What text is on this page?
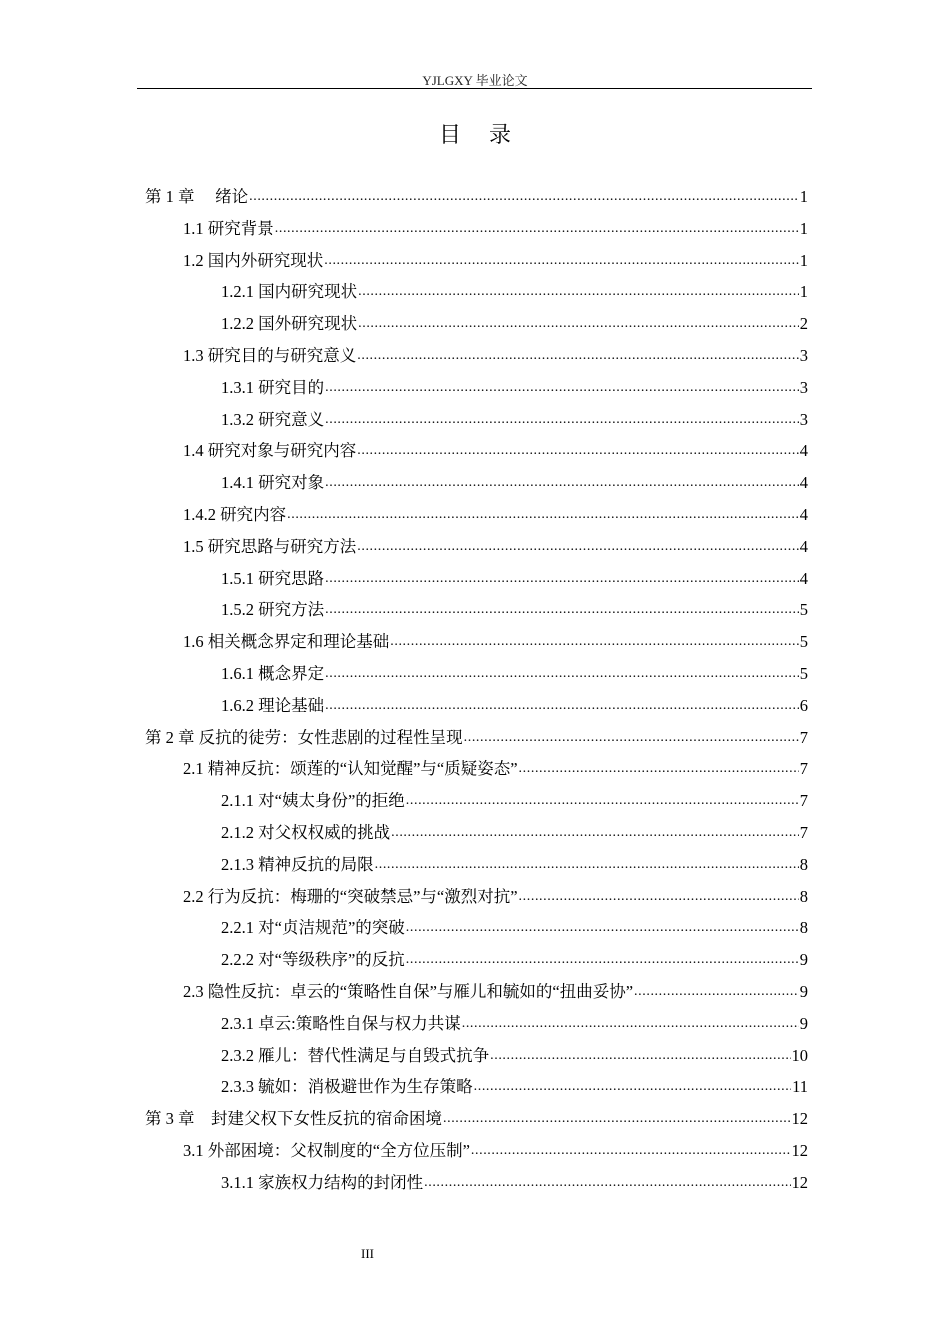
YJLGXY 毕业论文
目录
第 1 章　 绪论 .....	1
1.1 研究背景 .....	1
1.2 国内外研究现状 .....	1
1.2.1 国内研究现状 .....	1
1.2.2 国外研究现状 .....	2
1.3 研究目的与研究意义 .....	3
1.3.1 研究目的 .....	3
1.3.2 研究意义 .....	3
1.4 研究对象与研究内容 .....	4
1.4.1 研究对象 .....	4
1.4.2 研究内容 .....	4
1.5 研究思路与研究方法 .....	4
1.5.1 研究思路 .....	4
1.5.2 研究方法 .....	5
1.6 相关概念界定和理论基础 .....	5
1.6.1 概念界定 .....	5
1.6.2 理论基础 .....	6
第 2 章 反抗的徒劳：女性悲剧的过程性呈现 .....	7
2.1 精神反抗：颂莲的“认知觉醒”与“质疑姿态” .....	7
2.1.1 对“姨太身份”的拒绝 .....	7
2.1.2 对父权权威的挑战 .....	7
2.1.3 精神反抗的局限 .....	8
2.2 行为反抗：梅珊的“突破禁忌”与“激烈对抗” .....	8
2.2.1 对“贞洁规范”的突破 .....	8
2.2.2 对“等级秩序”的反抗 .....	9
2.3 隐性反抗：卓云的“策略性自保”与雁儿和毓如的“扭曲妥协” .....	9
2.3.1 卓云:策略性自保与权力共谋 .....	9
2.3.2 雁儿：替代性满足与自毁式抗争 .....	10
2.3.3 毓如：消极避世作为生存策略 .....	11
第 3 章　封建父权下女性反抗的宿命困境 .....	12
3.1 外部困境：父权制度的“全方位压制” .....	12
3.1.1 家族权力结构的封闭性 .....	12
III
